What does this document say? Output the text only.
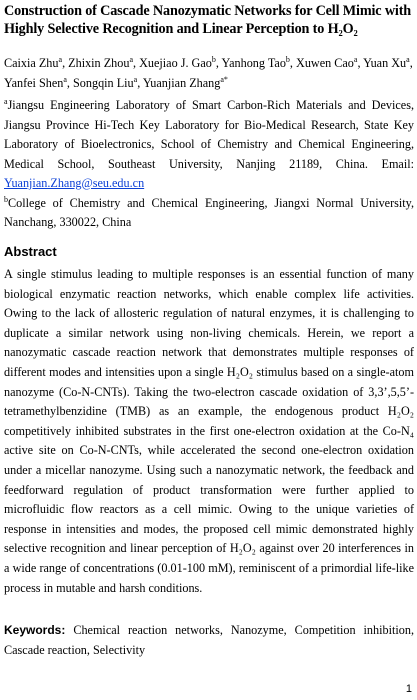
Construction of Cascade Nanozymatic Networks for Cell Mimic with Highly Selective Recognition and Linear Perception to H₂O₂
Caixia Zhu$^a$, Zhixin Zhou$^a$, Xuejiao J. Gao$^b$, Yanhong Tao$^b$, Xuwen Cao$^a$, Yuan Xu$^a$, Yanfei Shen$^a$, Songqin Liu$^a$, Yuanjian Zhang$^{a*}$
$^a$Jiangsu Engineering Laboratory of Smart Carbon-Rich Materials and Devices, Jiangsu Province Hi-Tech Key Laboratory for Bio-Medical Research, State Key Laboratory of Bioelectronics, School of Chemistry and Chemical Engineering, Medical School, Southeast University, Nanjing 21189, China. Email: Yuanjian.Zhang@seu.edu.cn
$^b$College of Chemistry and Chemical Engineering, Jiangxi Normal University, Nanchang, 330022, China
Abstract
A single stimulus leading to multiple responses is an essential function of many biological enzymatic reaction networks, which enable complex life activities. Owing to the lack of allosteric regulation of natural enzymes, it is challenging to duplicate a similar network using non-living chemicals. Herein, we report a nanozymatic cascade reaction network that demonstrates multiple responses of different modes and intensities upon a single H₂O₂ stimulus based on a single-atom nanozyme (Co-N-CNTs). Taking the two-electron cascade oxidation of 3,3’,5,5’-tetramethylbenzidine (TMB) as an example, the endogenous product H₂O₂ competitively inhibited substrates in the first one-electron oxidation at the Co-N₄ active site on Co-N-CNTs, while accelerated the second one-electron oxidation under a micellar nanozyme. Using such a nanozymatic network, the feedback and feedforward regulation of product transformation were further applied to microfluidic flow reactors as a cell mimic. Owing to the unique varieties of response in intensities and modes, the proposed cell mimic demonstrated highly selective recognition and linear perception of H₂O₂ against over 20 interferences in a wide range of concentrations (0.01-100 mM), reminiscent of a primordial life-like process in mutable and harsh conditions.
Keywords: Chemical reaction networks, Nanozyme, Competition inhibition, Cascade reaction, Selectivity
1
